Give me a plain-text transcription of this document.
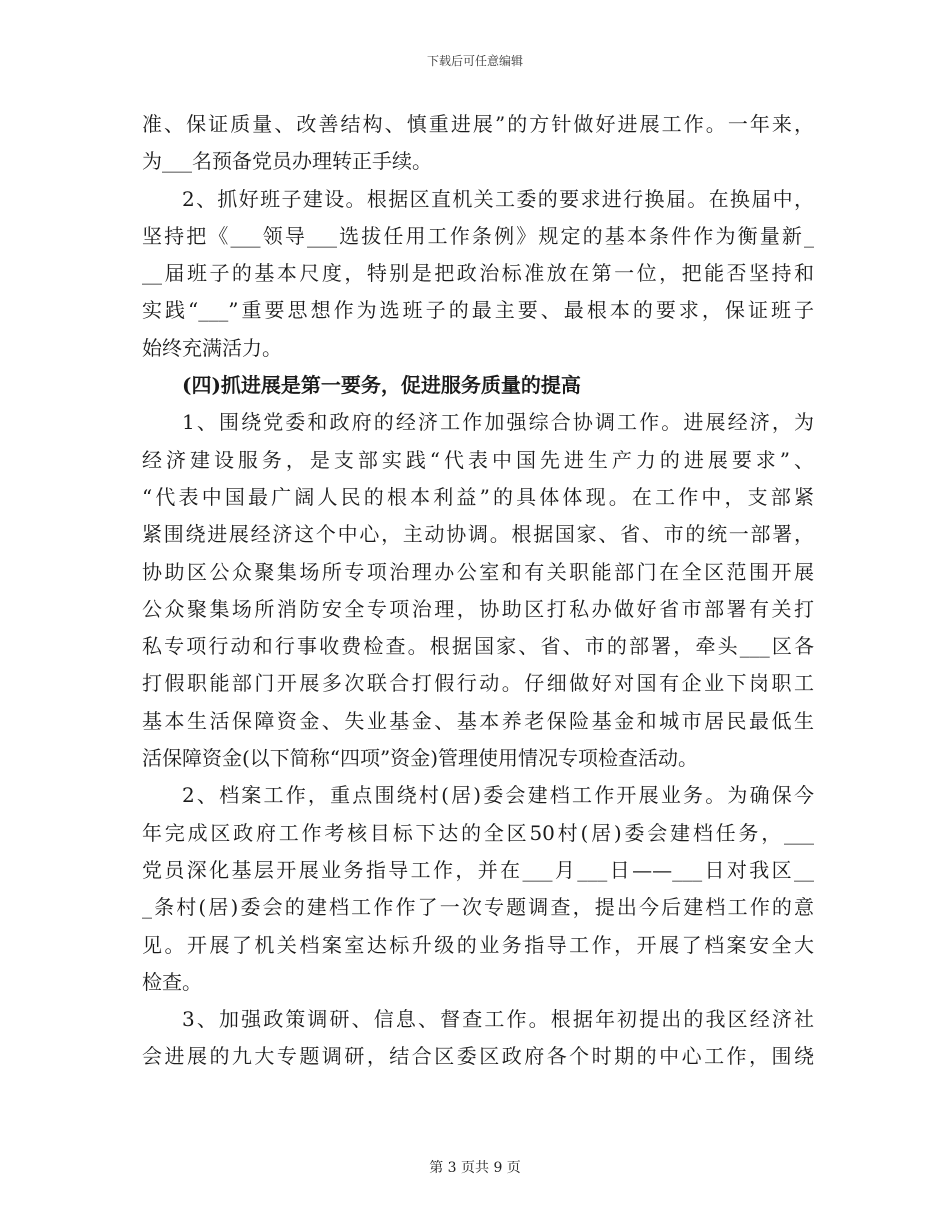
下载后可任意编辑
准、保证质量、改善结构、慎重进展”的方针做好进展工作。一年来，
为___名预备党员办理转正手续。
2、抓好班子建设。根据区直机关工委的要求进行换届。在换届中，
坚持把《___领导___选拔任用工作条例》规定的基本条件作为衡量新_
__届班子的基本尺度，特别是把政治标准放在第一位，把能否坚持和
实践“___”重要思想作为选班子的最主要、最根本的要求，保证班子
始终充满活力。
(四)抓进展是第一要务，促进服务质量的提高
1、围绕党委和政府的经济工作加强综合协调工作。进展经济，为
经济建设服务，是支部实践“代表中国先进生产力的进展要求”、
“代表中国最广阔人民的根本利益”的具体体现。在工作中，支部紧
紧围绕进展经济这个中心，主动协调。根据国家、省、市的统一部署，
协助区公众聚集场所专项治理办公室和有关职能部门在全区范围开展
公众聚集场所消防安全专项治理，协助区打私办做好省市部署有关打
私专项行动和行事收费检查。根据国家、省、市的部署，牵头___区各
打假职能部门开展多次联合打假行动。仔细做好对国有企业下岗职工
基本生活保障资金、失业基金、基本养老保险基金和城市居民最低生
活保障资金(以下简称“四项”资金)管理使用情况专项检查活动。
2、档案工作，重点围绕村(居)委会建档工作开展业务。为确保今
年完成区政府工作考核目标下达的全区50村(居)委会建档任务，___
党员深化基层开展业务指导工作，并在___月___日——___日对我区__
_条村(居)委会的建档工作作了一次专题调查，提出今后建档工作的意
见。开展了机关档案室达标升级的业务指导工作，开展了档案安全大
检查。
3、加强政策调研、信息、督查工作。根据年初提出的我区经济社
会进展的九大专题调研，结合区委区政府各个时期的中心工作，围绕
第 3 页共 9 页
